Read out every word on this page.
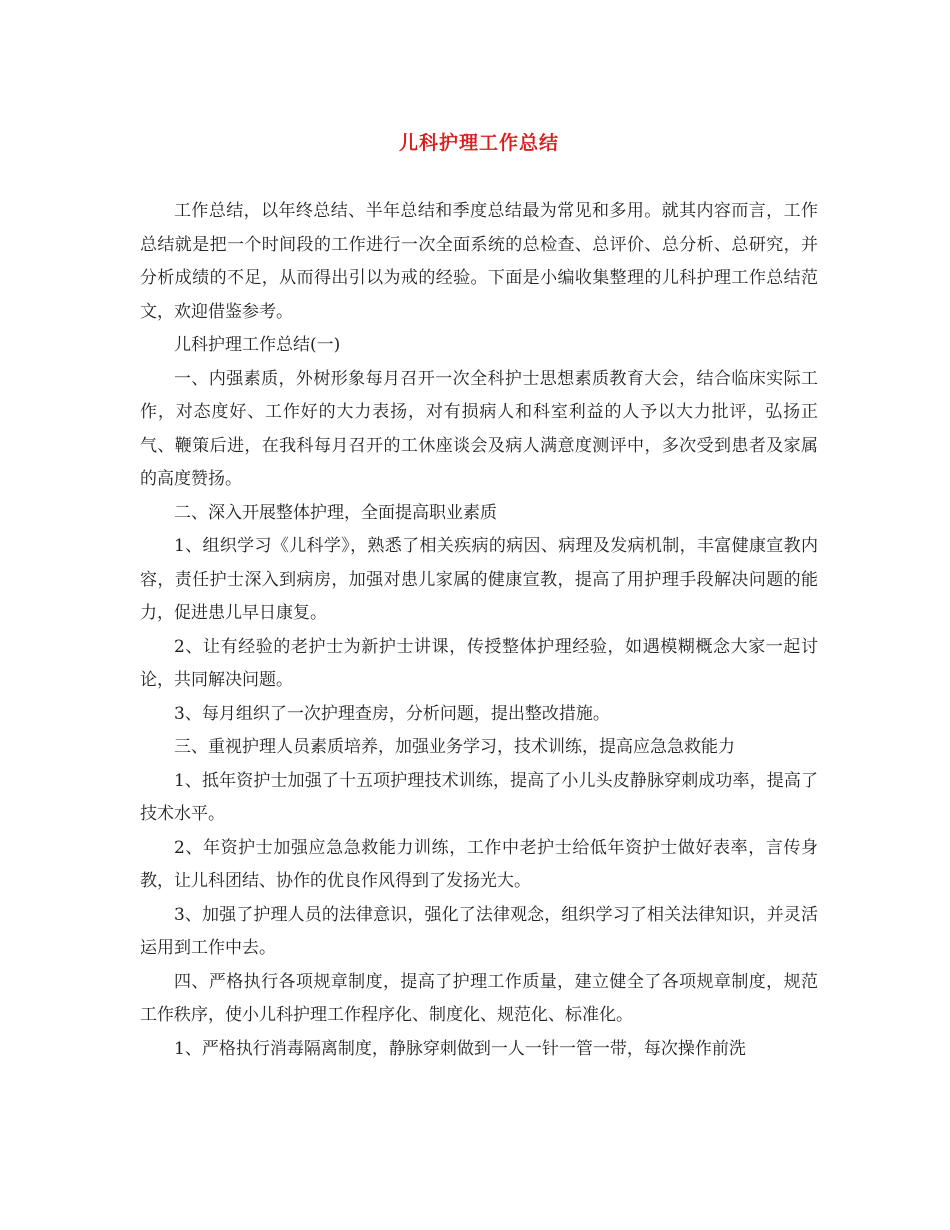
儿科护理工作总结

工作总结，以年终总结、半年总结和季度总结最为常见和多用。就其内容而言，工作总结就是把一个时间段的工作进行一次全面系统的总检查、总评价、总分析、总研究，并分析成绩的不足，从而得出引以为戒的经验。下面是小编收集整理的儿科护理工作总结范文，欢迎借鉴参考。

儿科护理工作总结(一)

一、内强素质，外树形象每月召开一次全科护士思想素质教育大会，结合临床实际工作，对态度好、工作好的大力表扬，对有损病人和科室利益的人予以大力批评，弘扬正气、鞭策后进，在我科每月召开的工休座谈会及病人满意度测评中，多次受到患者及家属的高度赞扬。

二、深入开展整体护理，全面提高职业素质

1、组织学习《儿科学》，熟悉了相关疾病的病因、病理及发病机制，丰富健康宣教内容，责任护士深入到病房，加强对患儿家属的健康宣教，提高了用护理手段解决问题的能力，促进患儿早日康复。

2、让有经验的老护士为新护士讲课，传授整体护理经验，如遇模糊概念大家一起讨论，共同解决问题。

3、每月组织了一次护理查房，分析问题，提出整改措施。

三、重视护理人员素质培养，加强业务学习，技术训练，提高应急急救能力

1、抵年资护士加强了十五项护理技术训练，提高了小儿头皮静脉穿刺成功率，提高了技术水平。

2、年资护士加强应急急救能力训练，工作中老护士给低年资护士做好表率，言传身教，让儿科团结、协作的优良作风得到了发扬光大。

3、加强了护理人员的法律意识，强化了法律观念，组织学习了相关法律知识，并灵活运用到工作中去。

四、严格执行各项规章制度，提高了护理工作质量，建立健全了各项规章制度，规范工作秩序，使小儿科护理工作程序化、制度化、规范化、标准化。

1、严格执行消毒隔离制度，静脉穿刺做到一人一针一管一带，每次操作前洗
